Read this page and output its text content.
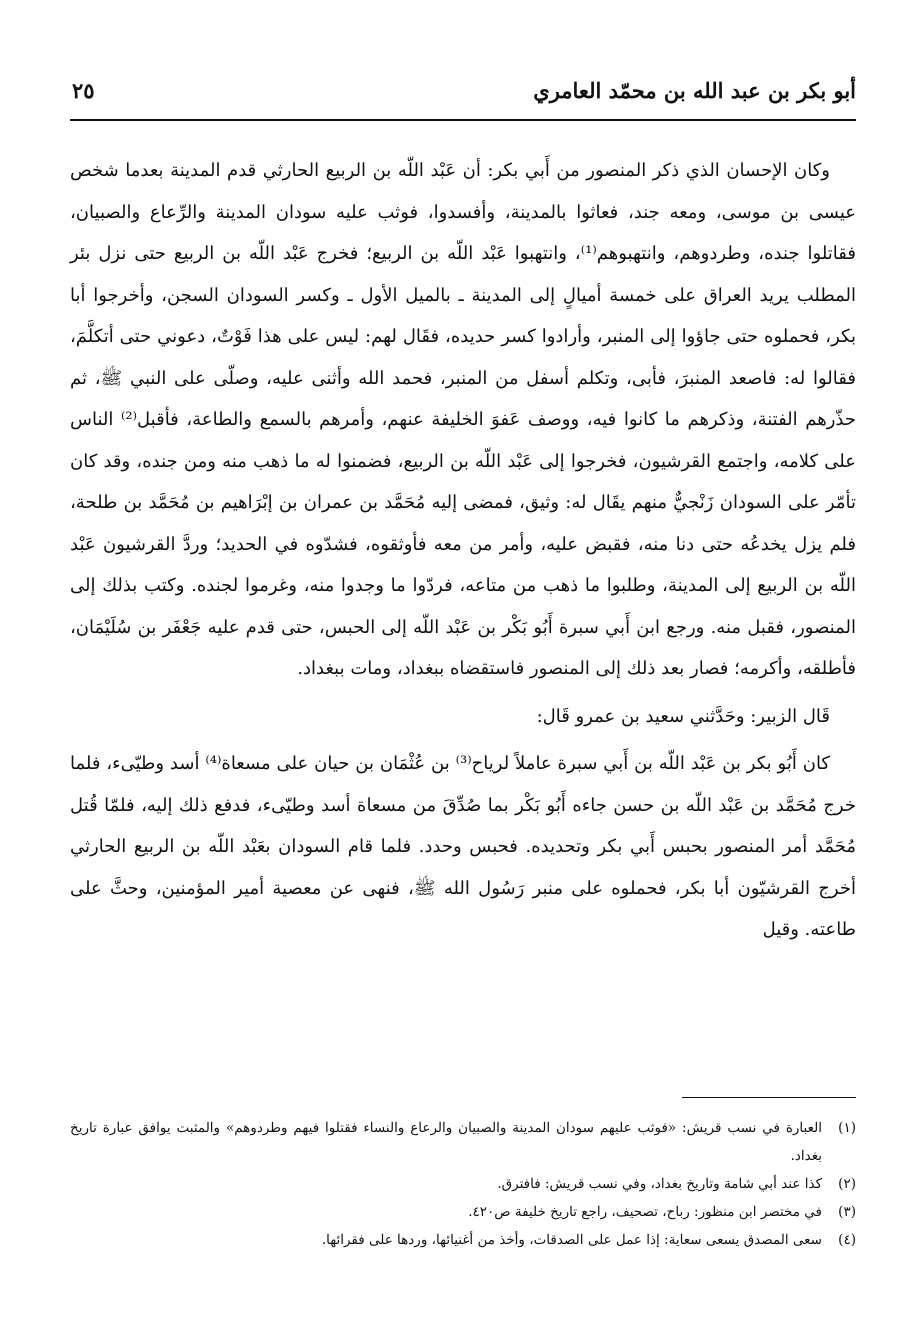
أبو بكر بن عبد الله بن محمّد العامري
٢٥

وكان الإحسان الذي ذكر المنصور من أَبي بكر: أن عَبْد اللّه بن الربيع الحارثي قدم المدينة بعدما شخص عيسى بن موسى، ومعه جند، فعاثوا بالمدينة، وأفسدوا، فوثب عليه سودان المدينة والرِّعاع والصبيان، فقاتلوا جنده، وطردوهم، وانتهبوهم⁽¹⁾، وانتهبوا عَبْد اللّه بن الربيع؛ فخرج عَبْد اللّه بن الربيع حتى نزل بئر المطلب يريد العراق على خمسة أميالٍ إلى المدينة ـ بالميل الأول ـ وكسر السودان السجن، وأخرجوا أبا بكر، فحملوه حتى جاؤوا إلى المنبر، وأرادوا كسر حديده، فقَال لهم: ليس على هذا فَوْتٌ، دعوني حتى أتكلَّمَ، فقالوا له: فاصعد المنبرَ، فأبى، وتكلم أسفل من المنبر، فحمد الله وأثنى عليه، وصلّى على النبي ﷺ، ثم حذّرهم الفتنة، وذكرهم ما كانوا فيه، ووصف عَفوَ الخليفة عنهم، وأمرهم بالسمع والطاعة، فأقبل⁽²⁾ الناس على كلامه، واجتمع القرشيون، فخرجوا إلى عَبْد اللّه بن الربيع، فضمنوا له ما ذهب منه ومن جنده، وقد كان تأمّر على السودان زَنْجيٌّ منهم يقَال له: وثيق، فمضى إليه مُحَمَّد بن عمران بن إبْرَاهيم بن مُحَمَّد بن طلحة، فلم يزل يخدعُه حتى دنا منه، فقبض عليه، وأمر من معه فأوثقوه، فشدّوه في الحديد؛ وردَّ القرشيون عَبْد اللّه بن الربيع إلى المدينة، وطلبوا ما ذهب من متاعه، فردّوا ما وجدوا منه، وغرموا لجنده. وكتب بذلك إلى المنصور، فقبل منه. ورجع ابن أَبي سبرة أَبُو بَكْر بن عَبْد اللّه إلى الحبس، حتى قدم عليه جَعْفَر بن سُلَيْمَان، فأطلقه، وأكرمه؛ فصار بعد ذلك إلى المنصور فاستقضاه ببغداد، ومات ببغداد.

قَال الزبير: وحَدَّثني سعيد بن عمرو قَال:

كان أَبُو بكر بن عَبْد اللّه بن أَبي سبرة عاملاً لرياح⁽³⁾ بن عُثْمَان بن حيان على مسعاة⁽⁴⁾ أسد وطيّىء، فلما خرج مُحَمَّد بن عَبْد اللّه بن حسن جاءه أَبُو بَكْر بما صُدِّقَ من مسعاة أسد وطيّىء، فدفع ذلك إليه، فلمّا قُتل مُحَمَّد أمر المنصور بحبس أَبي بكر وتحديده. فحبس وحدد. فلما قام السودان بعَبْد اللّه بن الربيع الحارثي أخرج القرشيّون أبا بكر، فحملوه على منبر رَسُول الله ﷺ، فنهى عن معصية أمير المؤمنين، وحثَّ على طاعته. وقيل

(١)
العبارة في نسب قريش: «فوثب عليهم سودان المدينة والصبيان والرعاع والنساء فقتلوا فيهم وطردوهم» والمثبت يوافق عبارة تاريخ بغداد.
(٢)
كذا عند أبي شامة وتاريخ بغداد، وفي نسب قريش: فافترق.
(٣)
في مختصر ابن منظور: رباح، تصحيف، راجع تاريخ خليفة ص٤٢٠.
(٤)
سعى المصدق يسعى سعاية: إذا عمل على الصدقات، وأخذ من أغنيائها، وردها على فقرائها.
